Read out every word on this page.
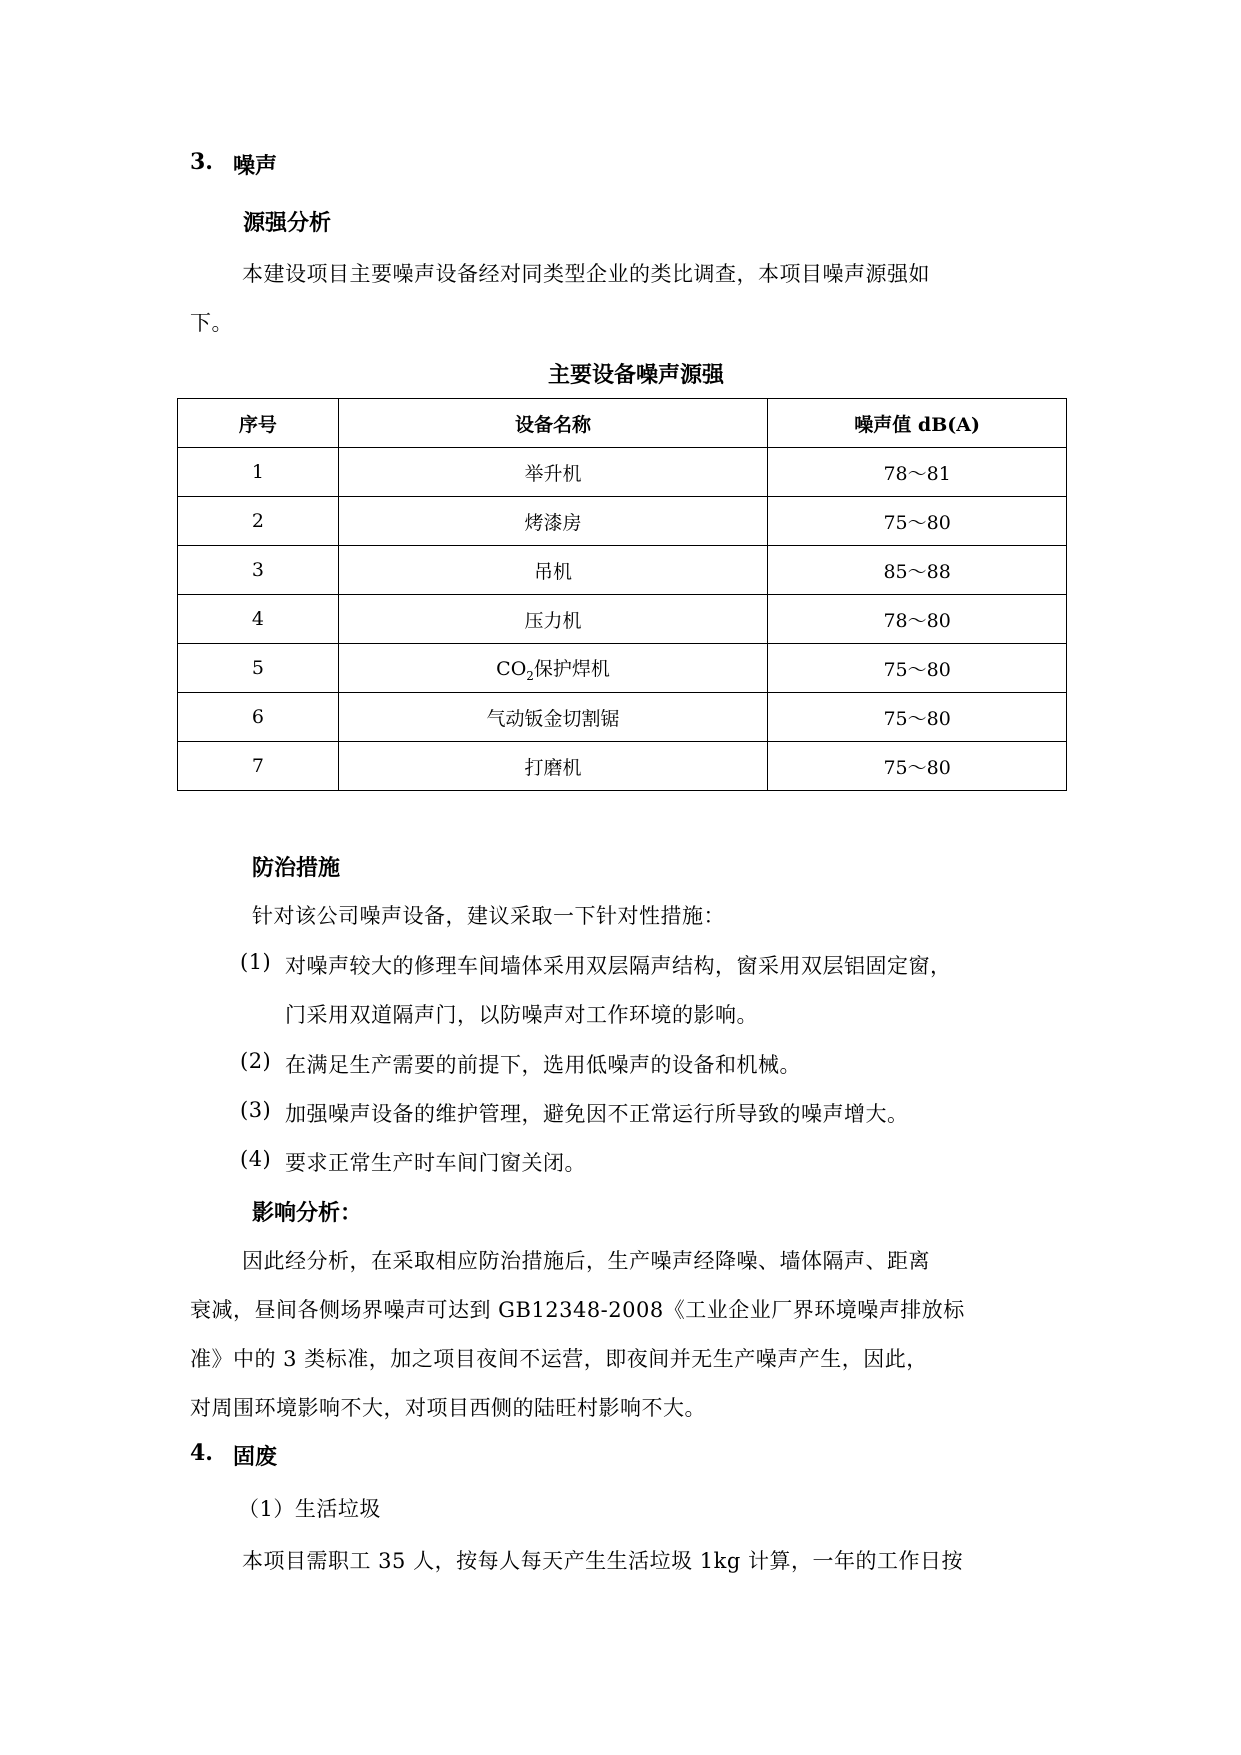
3. 噪声
源强分析
本建设项目主要噪声设备经对同类型企业的类比调查，本项目噪声源强如
下。
主要设备噪声源强
序号	设备名称	噪声值 dB(A)
1	举升机	78～81
2	烤漆房	75～80
3	吊机	85～88
4	压力机	78～80
5	$CO_2$保护焊机	75～80
6	气动钣金切割锯	75～80
7	打磨机	75～80
防治措施
针对该公司噪声设备，建议采取一下针对性措施：
(1) 对噪声较大的修理车间墙体采用双层隔声结构，窗采用双层铝固定窗，
门采用双道隔声门，以防噪声对工作环境的影响。
(2) 在满足生产需要的前提下，选用低噪声的设备和机械。
(3) 加强噪声设备的维护管理，避免因不正常运行所导致的噪声增大。
(4) 要求正常生产时车间门窗关闭。
影响分析：
因此经分析，在采取相应防治措施后，生产噪声经降噪、墙体隔声、距离
衰减，昼间各侧场界噪声可达到 GB12348-2008《工业企业厂界环境噪声排放标
准》中的 3 类标准，加之项目夜间不运营，即夜间并无生产噪声产生，因此，
对周围环境影响不大，对项目西侧的陆旺村影响不大。
4. 固废
（1）生活垃圾
本项目需职工 35 人，按每人每天产生生活垃圾 1kg 计算，一年的工作日按
